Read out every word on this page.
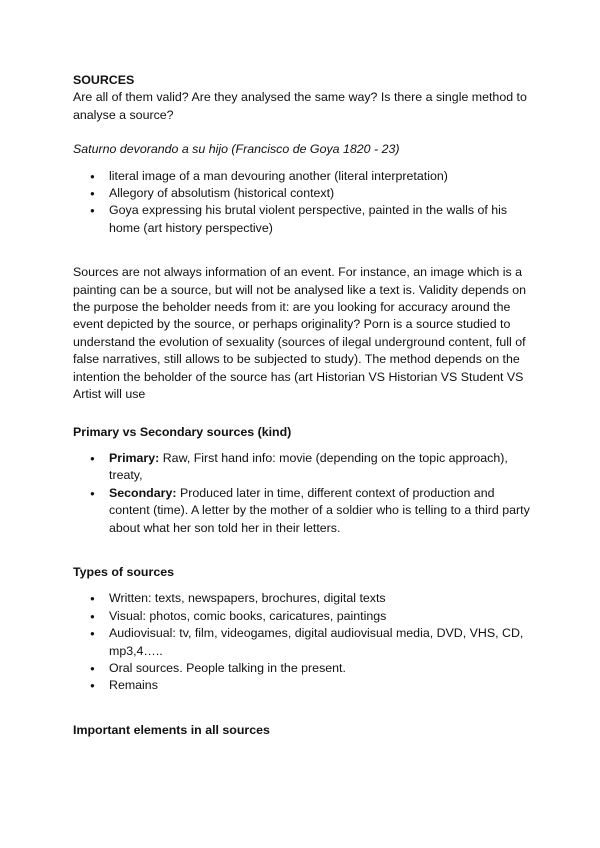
SOURCES
Are all of them valid? Are they analysed the same way? Is there a single method to analyse a source?
Saturno devorando a su hijo (Francisco de Goya 1820 - 23)
● literal image of a man devouring another (literal interpretation)
● Allegory of absolutism (historical context)
● Goya expressing his brutal violent perspective, painted in the walls of his home (art history perspective)
Sources are not always information of an event. For instance, an image which is a painting can be a source, but will not be analysed like a text is. Validity depends on the purpose the beholder needs from it: are you looking for accuracy around the event depicted by the source, or perhaps originality? Porn is a source studied to understand the evolution of sexuality (sources of ilegal underground content, full of false narratives, still allows to be subjected to study). The method depends on the intention the beholder of the source has (art Historian VS Historian VS Student VS Artist will use
Primary vs Secondary sources (kind)
● Primary: Raw, First hand info: movie (depending on the topic approach), treaty,
● Secondary: Produced later in time, different context of production and content (time). A letter by the mother of a soldier who is telling to a third party about what her son told her in their letters.
Types of sources
● Written: texts, newspapers, brochures, digital texts
● Visual: photos, comic books, caricatures, paintings
● Audiovisual: tv, film, videogames, digital audiovisual media, DVD, VHS, CD, mp3,4…..
● Oral sources. People talking in the present.
● Remains
Important elements in all sources
